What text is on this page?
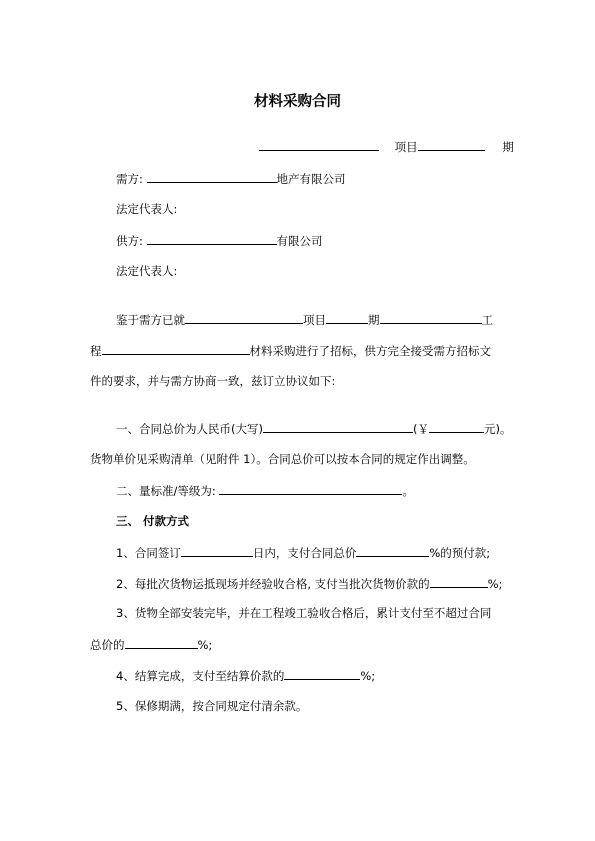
材料采购合同
项目	期
需方:	地产有限公司
法定代表人:
供方:	有限公司
法定代表人:
鉴于需方已就	项目	期	工
程	材料采购进行了招标，供方完全接受需方招标文
件的要求，并与需方协商一致，兹订立协议如下:
一、合同总价为人民币(大写)	(￥	元)。
货物单价见采购清单（见附件 1）。合同总价可以按本合同的规定作出调整。
二、量标准/等级为:	。
三、 付款方式
1、合同签订	日内，支付合同总价	%的预付款;
2、每批次货物运抵现场并经验收合格, 支付当批次货物价款的	%;
3、货物全部安装完毕，并在工程竣工验收合格后，累计支付至不超过合同
总价的	%;
4、结算完成，支付至结算价款的	%;
5、保修期满，按合同规定付清余款。
